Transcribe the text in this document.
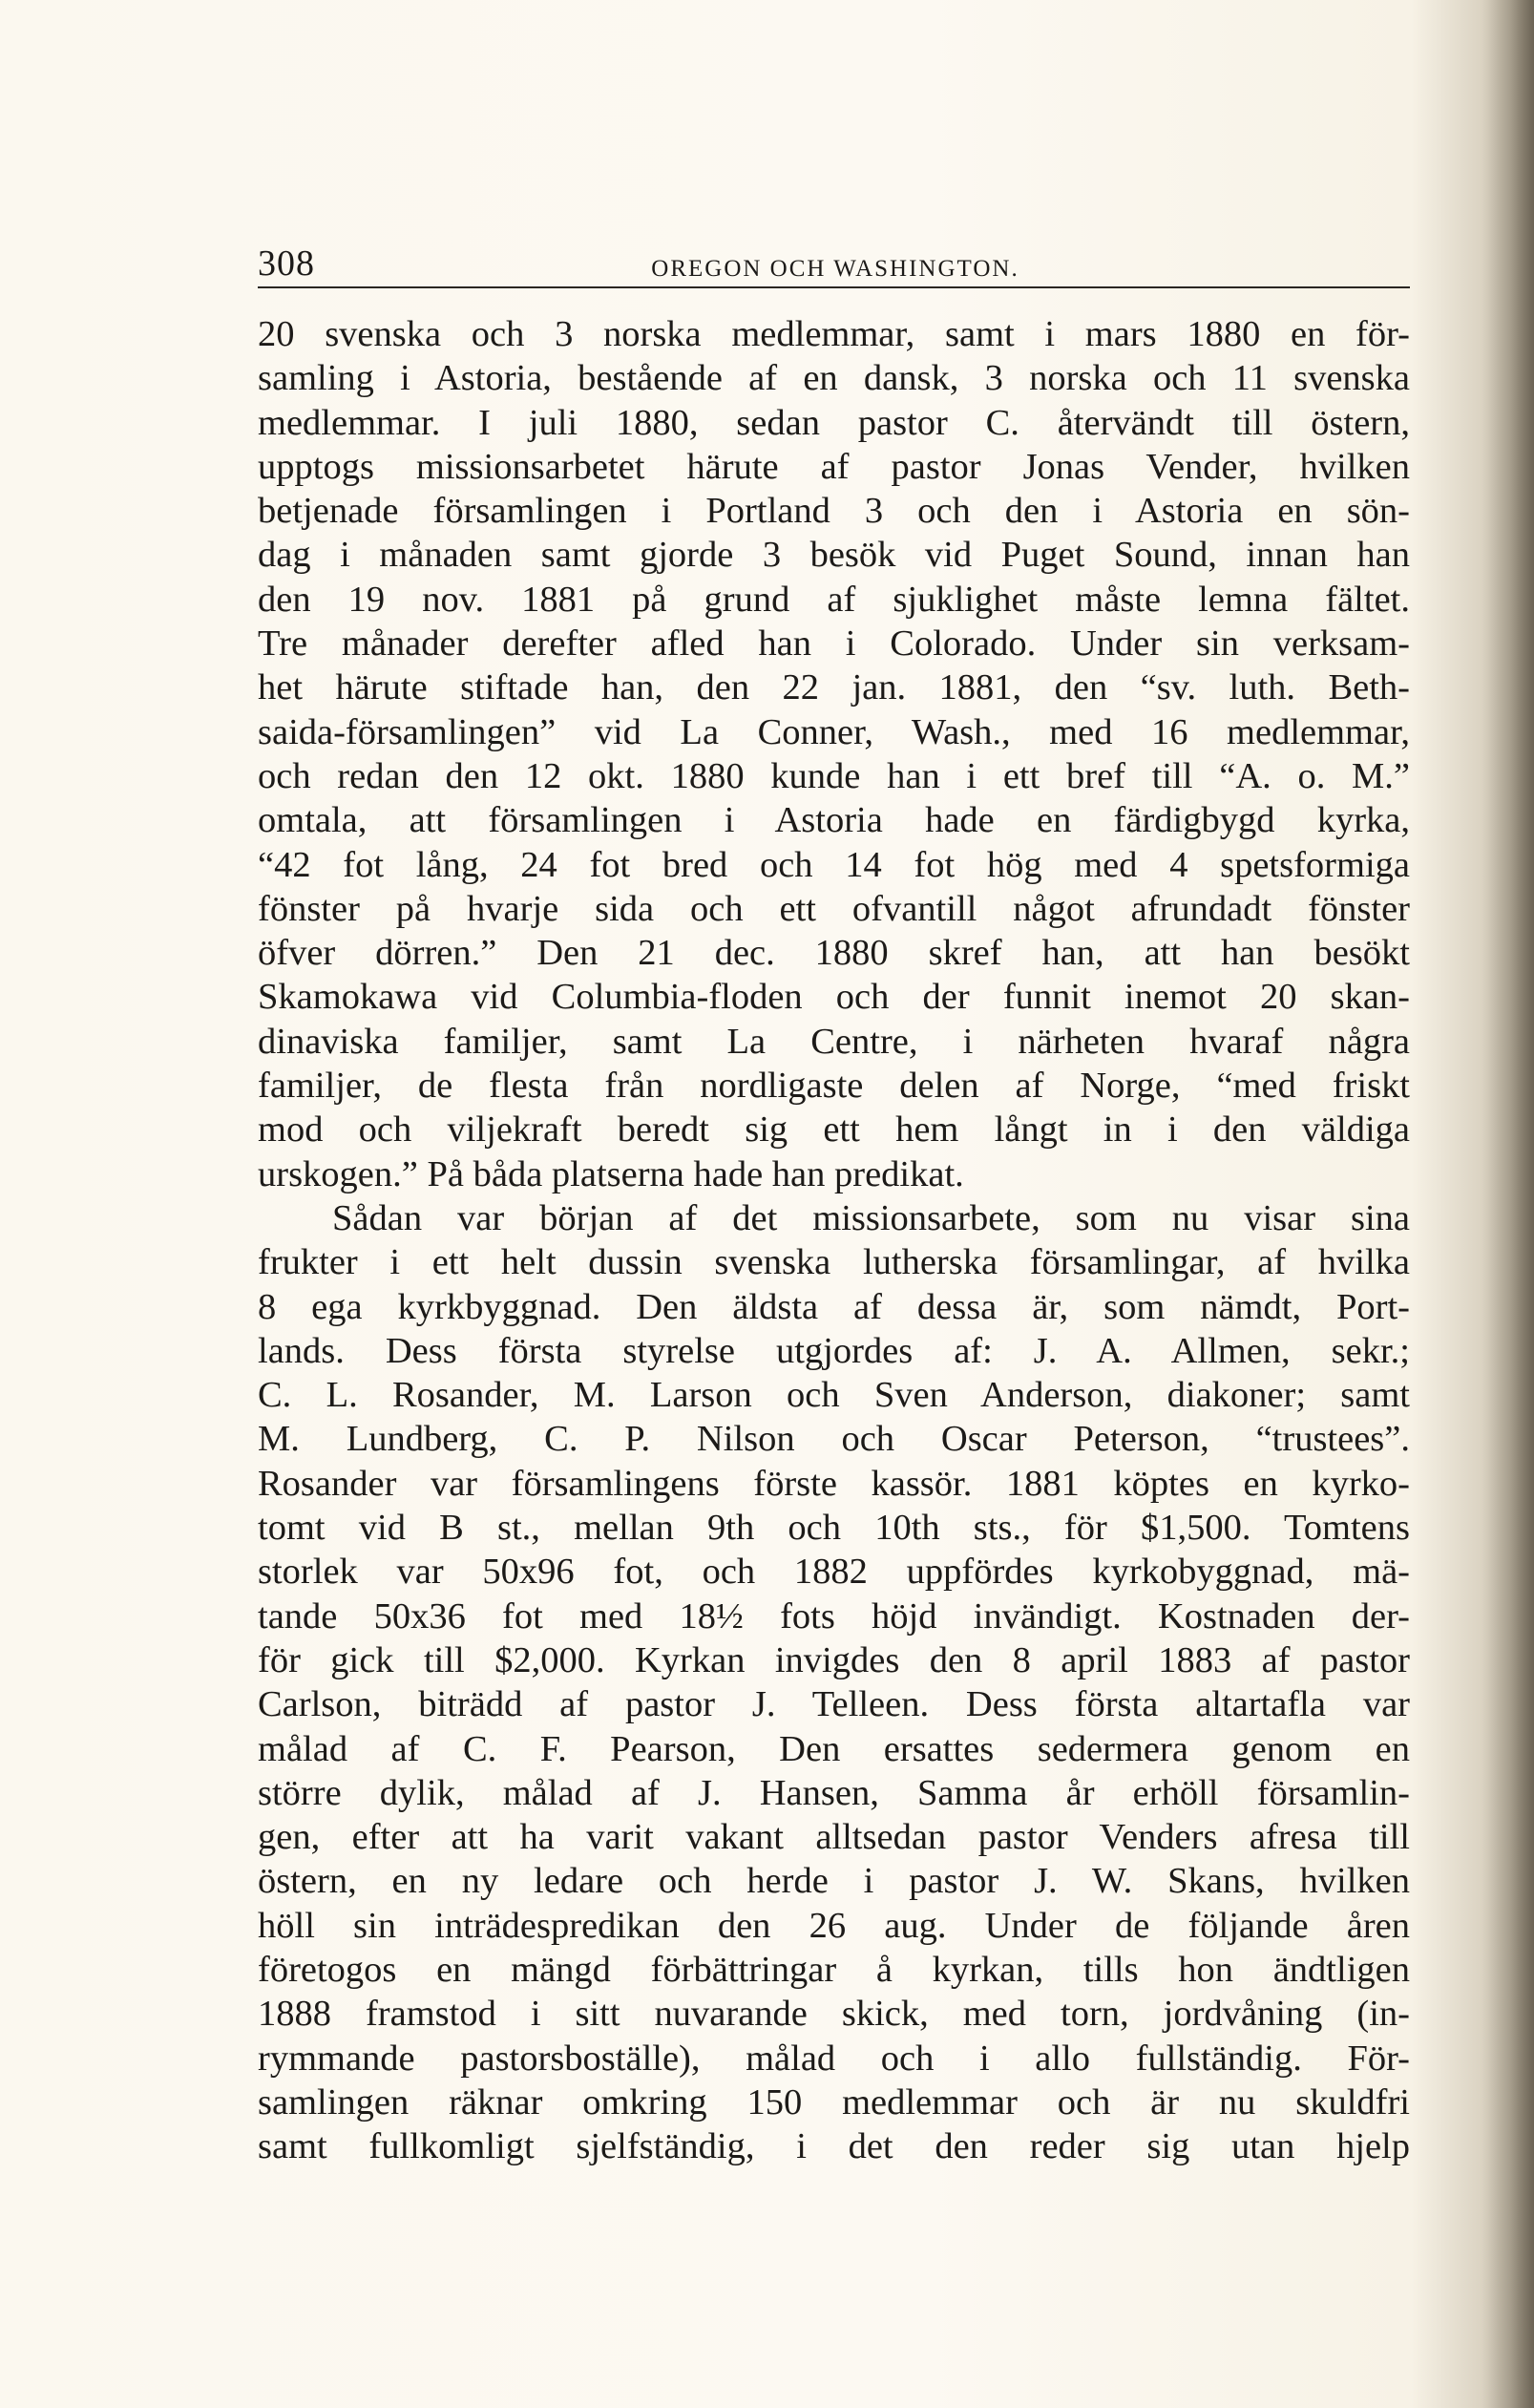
308	OREGON OCH WASHINGTON.
20 svenska och 3 norska medlemmar, samt i mars 1880 en för-
samling i Astoria, bestående af en dansk, 3 norska och 11 svenska
medlemmar. I juli 1880, sedan pastor C. återvändt till östern,
upptogs missionsarbetet härute af pastor Jonas Vender, hvilken
betjenade församlingen i Portland 3 och den i Astoria en sön-
dag i månaden samt gjorde 3 besök vid Puget Sound, innan han
den 19 nov. 1881 på grund af sjuklighet måste lemna fältet.
Tre månader derefter afled han i Colorado. Under sin verksam-
het härute stiftade han, den 22 jan. 1881, den “sv. luth. Beth-
saida-församlingen” vid La Conner, Wash., med 16 medlemmar,
och redan den 12 okt. 1880 kunde han i ett bref till “A. o. M.”
omtala, att församlingen i Astoria hade en färdigbygd kyrka,
“42 fot lång, 24 fot bred och 14 fot hög med 4 spetsformiga
fönster på hvarje sida och ett ofvantill något afrundadt fönster
öfver dörren.” Den 21 dec. 1880 skref han, att han besökt
Skamokawa vid Columbia-floden och der funnit inemot 20 skan-
dinaviska familjer, samt La Centre, i närheten hvaraf några
familjer, de flesta från nordligaste delen af Norge, “med friskt
mod och viljekraft beredt sig ett hem långt in i den väldiga
urskogen.” På båda platserna hade han predikat.
Sådan var början af det missionsarbete, som nu visar sina
frukter i ett helt dussin svenska lutherska församlingar, af hvilka
8 ega kyrkbyggnad. Den äldsta af dessa är, som nämdt, Port-
lands. Dess första styrelse utgjordes af: J. A. Allmen, sekr.;
C. L. Rosander, M. Larson och Sven Anderson, diakoner; samt
M. Lundberg, C. P. Nilson och Oscar Peterson, “trustees”.
Rosander var församlingens förste kassör. 1881 köptes en kyrko-
tomt vid B st., mellan 9th och 10th sts., för $1,500. Tomtens
storlek var 50x96 fot, och 1882 uppfördes kyrkobyggnad, mä-
tande 50x36 fot med 18½ fots höjd invändigt. Kostnaden der-
för gick till $2,000. Kyrkan invigdes den 8 april 1883 af pastor
Carlson, biträdd af pastor J. Telleen. Dess första altartafla var
målad af C. F. Pearson, Den ersattes sedermera genom en
större dylik, målad af J. Hansen, Samma år erhöll församlin-
gen, efter att ha varit vakant alltsedan pastor Venders afresa till
östern, en ny ledare och herde i pastor J. W. Skans, hvilken
höll sin inträdespredikan den 26 aug. Under de följande åren
företogos en mängd förbättringar å kyrkan, tills hon ändtligen
1888 framstod i sitt nuvarande skick, med torn, jordvåning (in-
rymmande pastorsboställe), målad och i allo fullständig. För-
samlingen räknar omkring 150 medlemmar och är nu skuldfri
samt fullkomligt sjelfständig, i det den reder sig utan hjelp
